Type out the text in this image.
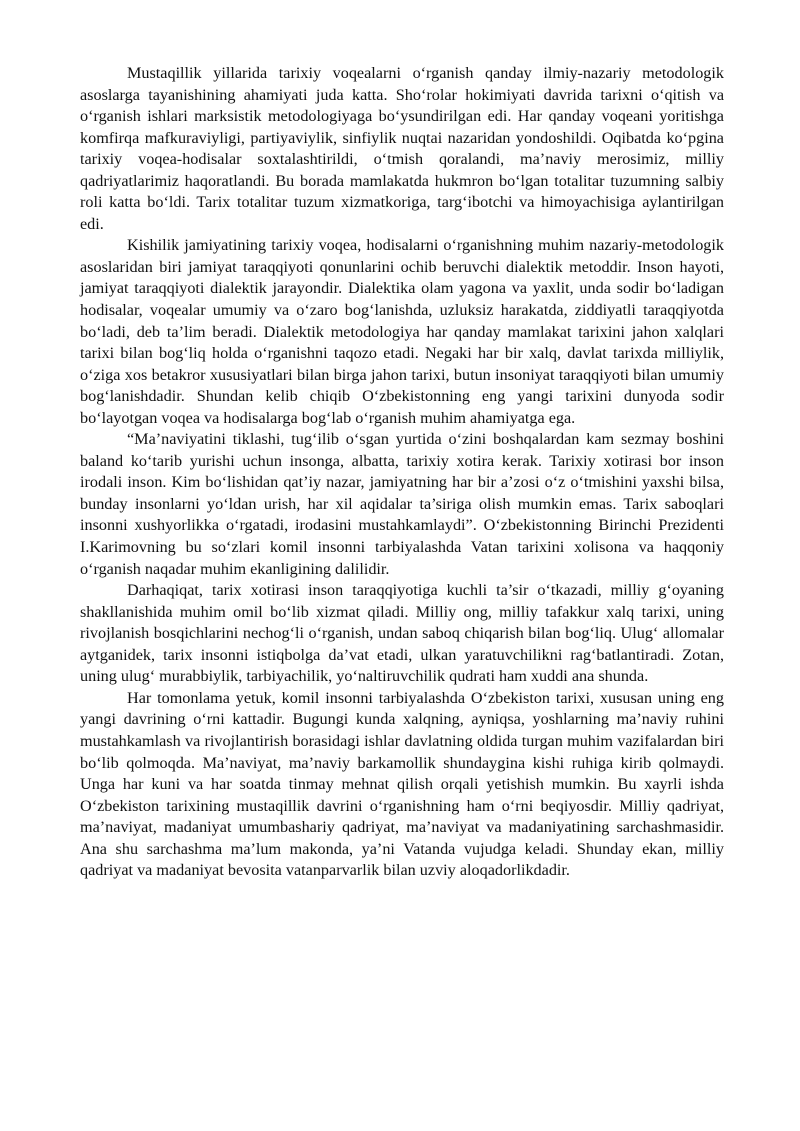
Mustaqillik yillarida tarixiy voqealarni o‘rganish qanday ilmiy-nazariy metodologik asoslarga tayanishining ahamiyati juda katta. Sho‘rolar hokimiyati davrida tarixni o‘qitish va o‘rganish ishlari marksistik metodologiyaga bo‘ysundirilgan edi. Har qanday voqeani yoritishga komfirqa mafkuraviyligi, partiyaviylik, sinfiylik nuqtai nazaridan yondoshildi. Oqibatda ko‘pgina tarixiy voqea-hodisalar soxtalashtirildi, o‘tmish qoralandi, ma’naviy merosimiz, milliy qadriyatlarimiz haqoratlandi. Bu borada mamlakatda hukmron bo‘lgan totalitar tuzumning salbiy roli katta bo‘ldi. Tarix totalitar tuzum xizmatkoriga, targ‘ibotchi va himoyachisiga aylantirilgan edi.

Kishilik jamiyatining tarixiy voqea, hodisalarni o‘rganishning muhim nazariy-metodologik asoslaridan biri jamiyat taraqqiyoti qonunlarini ochib beruvchi dialektik metoddir. Inson hayoti, jamiyat taraqqiyoti dialektik jarayondir. Dialektika olam yagona va yaxlit, unda sodir bo‘ladigan hodisalar, voqealar umumiy va o‘zaro bog‘lanishda, uzluksiz harakatda, ziddiyatli taraqqiyotda bo‘ladi, deb ta’lim beradi. Dialektik metodologiya har qanday mamlakat tarixini jahon xalqlari tarixi bilan bog‘liq holda o‘rganishni taqozo etadi. Negaki har bir xalq, davlat tarixda milliylik, o‘ziga xos betakror xususiyatlari bilan birga jahon tarixi, butun insoniyat taraqqiyoti bilan umumiy bog‘lanishdadir. Shundan kelib chiqib O‘zbekistonning eng yangi tarixini dunyoda sodir bo‘layotgan voqea va hodisalarga bog‘lab o‘rganish muhim ahamiyatga ega.

“Ma’naviyatini tiklashi, tug‘ilib o‘sgan yurtida o‘zini boshqalardan kam sezmay boshini baland ko‘tarib yurishi uchun insonga, albatta, tarixiy xotira kerak. Tarixiy xotirasi bor inson irodali inson. Kim bo‘lishidan qat’iy nazar, jamiyatning har bir a’zosi o‘z o‘tmishini yaxshi bilsa, bunday insonlarni yo‘ldan urish, har xil aqidalar ta’siriga olish mumkin emas. Tarix saboqlari insonni xushyorlikka o‘rgatadi, irodasini mustahkamlaydi”. O‘zbekistonning Birinchi Prezidenti I.Karimovning bu so‘zlari komil insonni tarbiyalashda Vatan tarixini xolisona va haqqoniy o‘rganish naqadar muhim ekanligining dalilidir.

Darhaqiqat, tarix xotirasi inson taraqqiyotiga kuchli ta’sir o‘tkazadi, milliy g‘oyaning shakllanishida muhim omil bo‘lib xizmat qiladi. Milliy ong, milliy tafakkur xalq tarixi, uning rivojlanish bosqichlarini nechog‘li o‘rganish, undan saboq chiqarish bilan bog‘liq. Ulug‘ allomalar aytganidek, tarix insonni istiqbolga da’vat etadi, ulkan yaratuvchilikni rag‘batlantiradi. Zotan, uning ulug‘ murabbiylik, tarbiyachilik, yo‘naltiruvchilik qudrati ham xuddi ana shunda.

Har tomonlama yetuk, komil insonni tarbiyalashda O‘zbekiston tarixi, xususan uning eng yangi davrining o‘rni kattadir. Bugungi kunda xalqning, ayniqsa, yoshlarning ma’naviy ruhini mustahkamlash va rivojlantirish borasidagi ishlar davlatning oldida turgan muhim vazifalardan biri bo‘lib qolmoqda. Ma’naviyat, ma’naviy barkamollik shundaygina kishi ruhiga kirib qolmaydi. Unga har kuni va har soatda tinmay mehnat qilish orqali yetishish mumkin. Bu xayrli ishda O‘zbekiston tarixining mustaqillik davrini o‘rganishning ham o‘rni beqiyosdir. Milliy qadriyat, ma’naviyat, madaniyat umumbashariy qadriyat, ma’naviyat va madaniyatining sarchashmasidir. Ana shu sarchashma ma’lum makonda, ya’ni Vatanda vujudga keladi. Shunday ekan, milliy qadriyat va madaniyat bevosita vatanparvarlik bilan uzviy aloqadorlikdadir.
